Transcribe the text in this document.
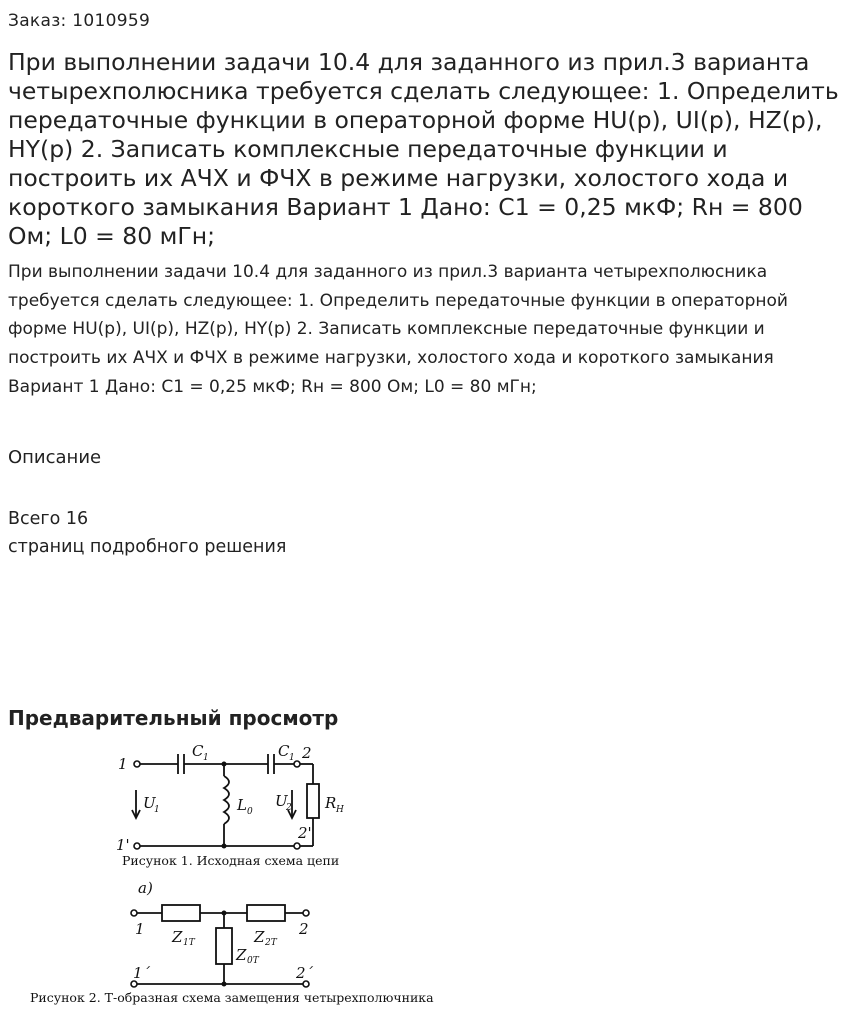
Заказ: 1010959
При выполнении задачи 10.4 для заданного из прил.3 варианта четырехполюсника требуется сделать следующее: 1. Определить передаточные функции в операторной форме HU(p), UI(p), HZ(p), HY(p) 2. Записать комплексные передаточные функции и построить их АЧХ и ФЧХ в режиме нагрузки, холостого хода и короткого замыкания Вариант 1 Дано: С1 = 0,25 мкФ; Rн = 800 Ом; L0 = 80 мГн;

При выполнении задачи 10.4 для заданного из прил.3 варианта четырехполюсника требуется сделать следующее: 1. Определить передаточные функции в операторной форме HU(p), UI(p), HZ(p), HY(p) 2. Записать комплексные передаточные функции и построить их АЧХ и ФЧХ в режиме нагрузки, холостого хода и короткого замыкания Вариант 1 Дано: С1 = 0,25 мкФ; Rн = 800 Ом; L0 = 80 мГн;

Описание
Всего 16
страниц подробного решения
Предварительный просмотр
1
1'
2
2'
C 1	C 1
L 0	R Н
U
1	U
2
Рисунок 1. Исходная схема цепи
а)
1
1´
2
2´
Z 1T	Z 2T
Z 0T
Рисунок 2. Т-образная схема замещения четырехполючника
